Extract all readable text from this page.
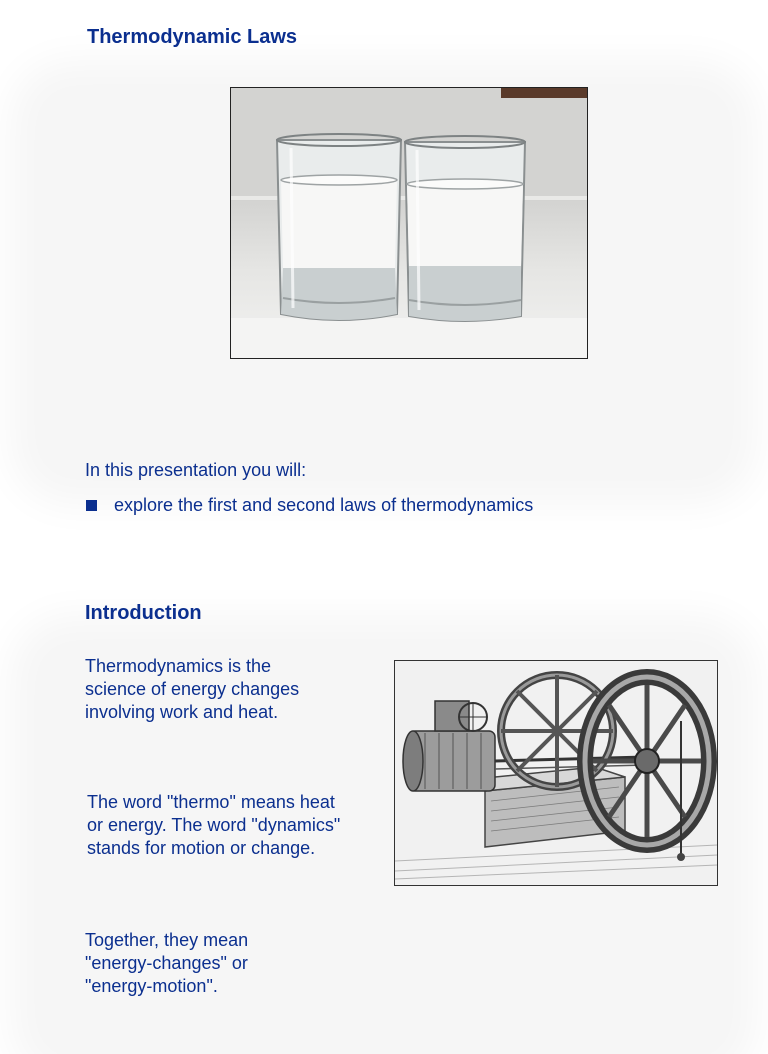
Thermodynamic Laws
In this presentation you will:
explore the first and second laws of thermodynamics
Introduction
Thermodynamics is the
science of energy changes
involving work and heat.
The word "thermo" means heat
or energy. The word "dynamics"
stands for motion or change.
Together, they mean
"energy-changes" or
"energy-motion".
